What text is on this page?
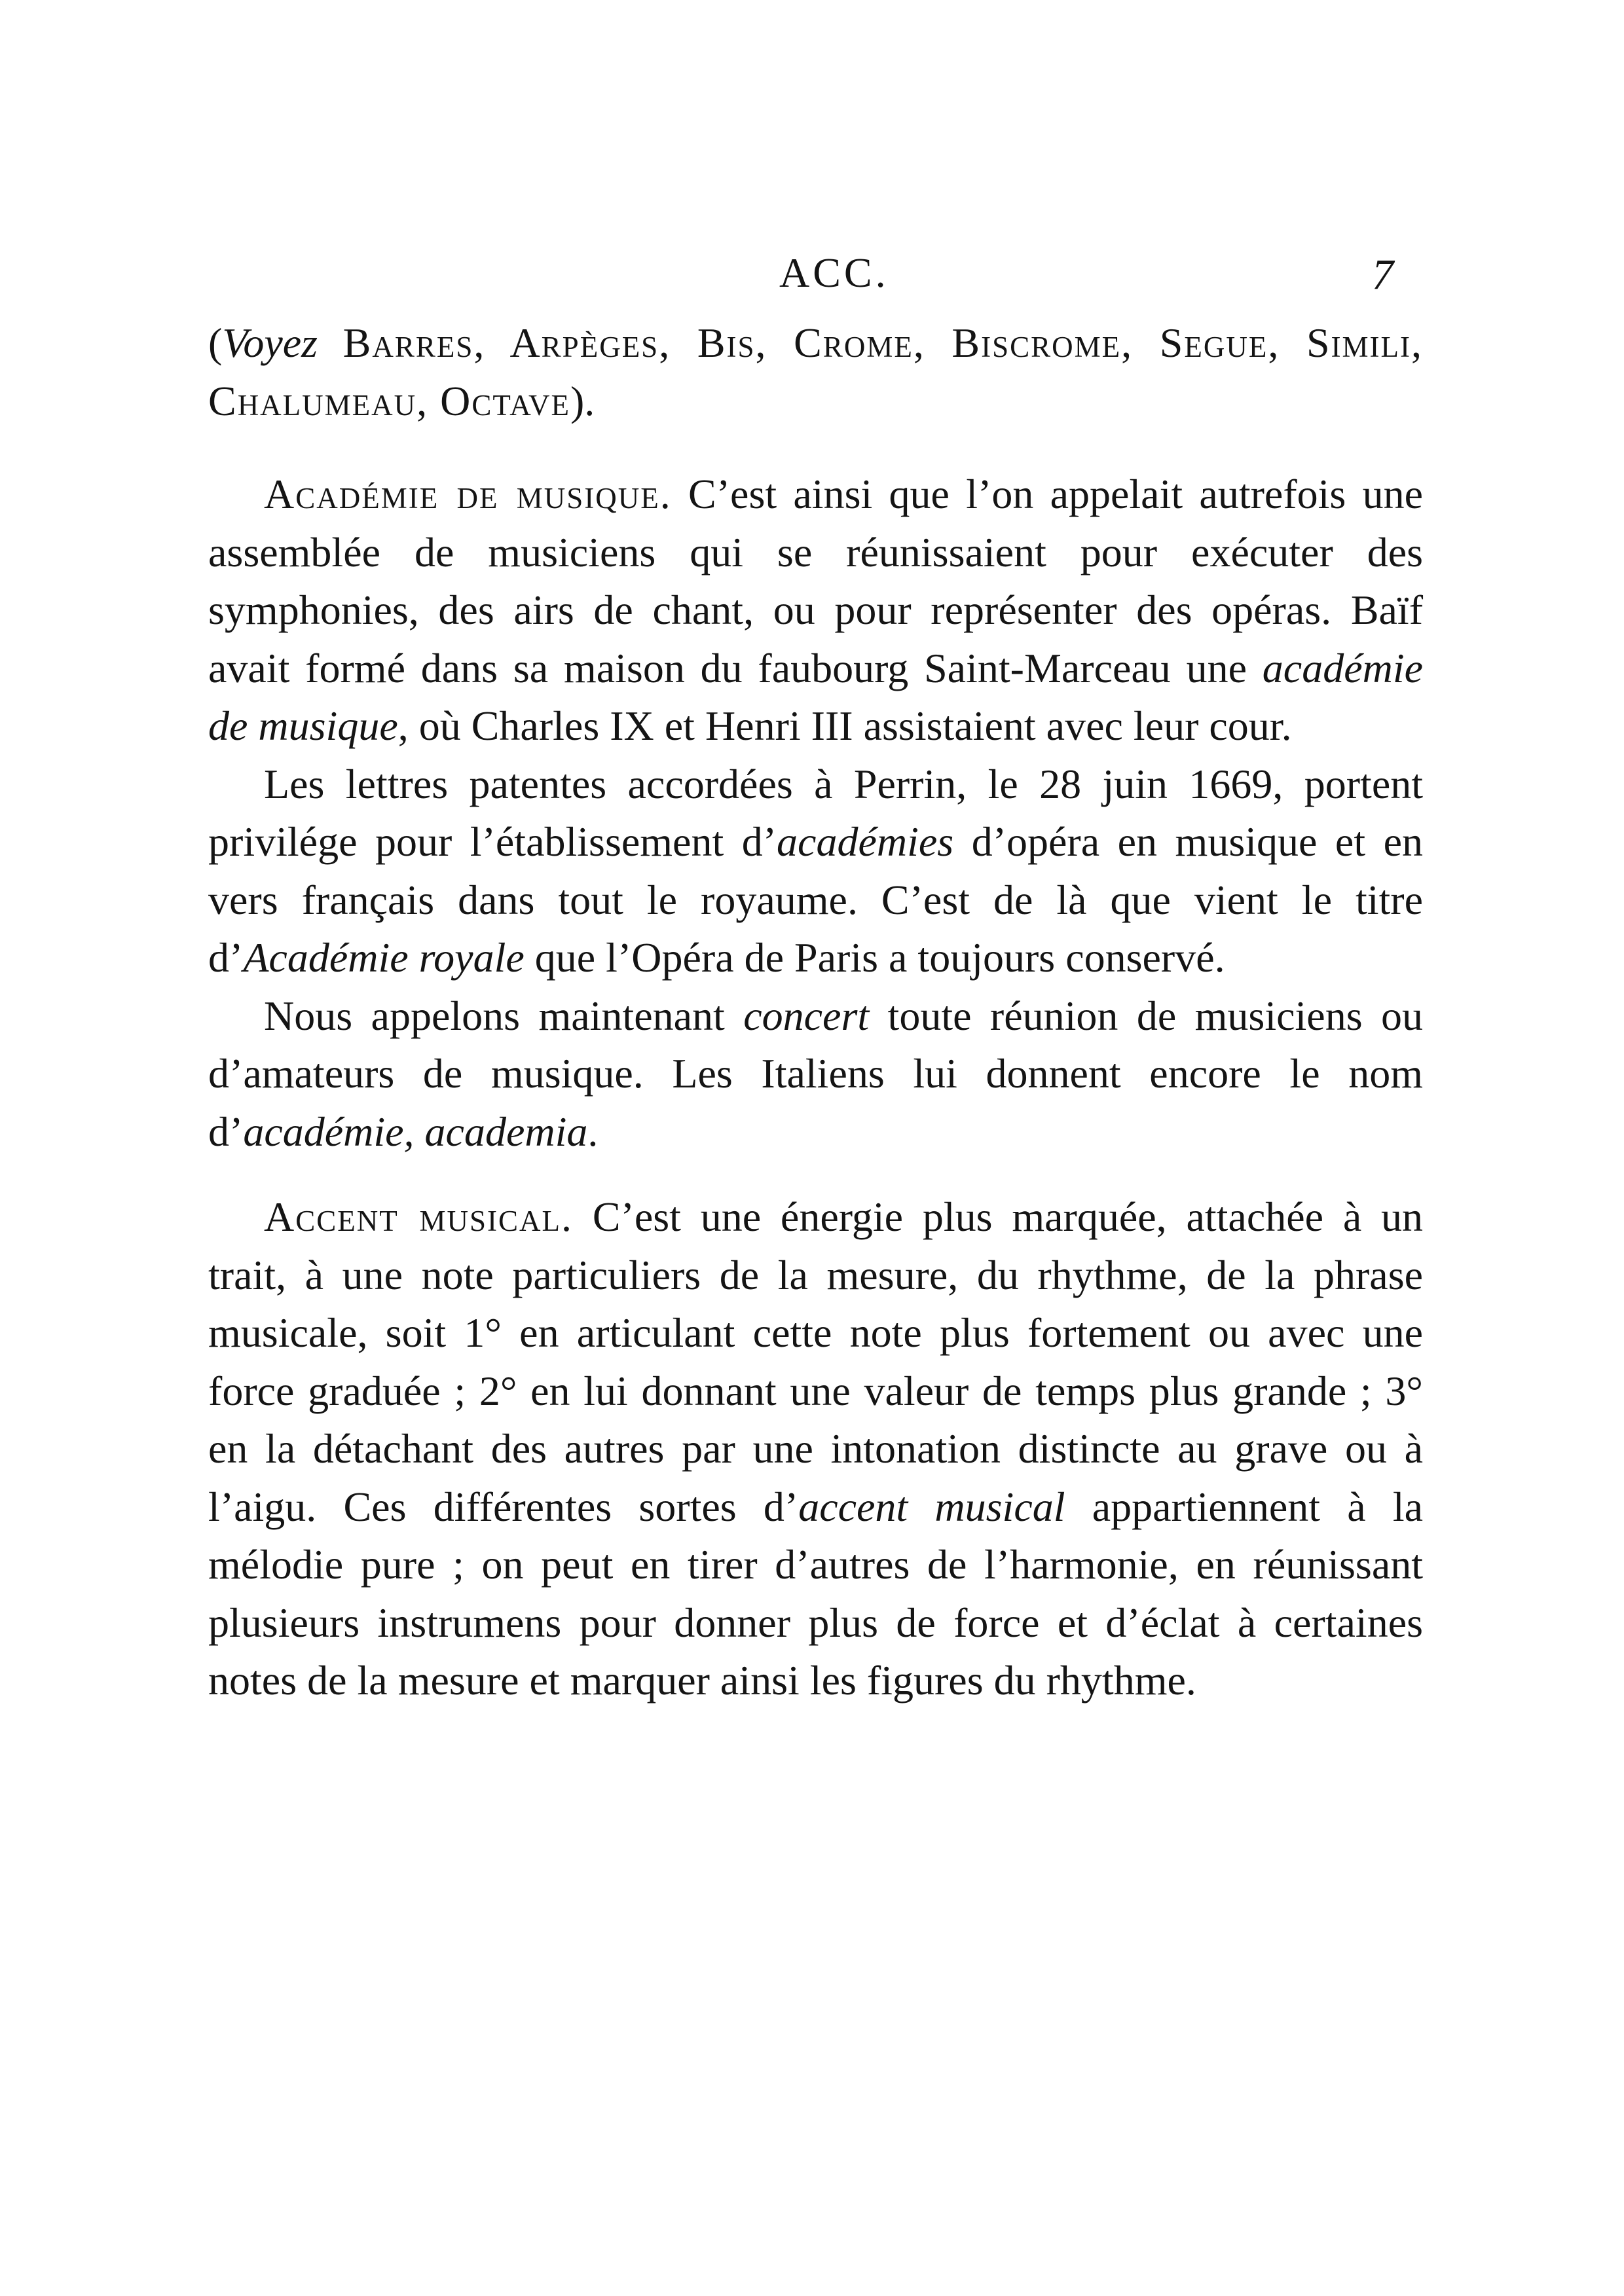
ACC.	7

(Voyez Barres, Arpèges, Bis, Crome, Biscrome, Segue, Simili, Chalumeau, Octave).

Académie de musique. C’est ainsi que l’on appelait autrefois une assemblée de musiciens qui se réunissaient pour exécuter des symphonies, des airs de chant, ou pour représenter des opéras. Baïf avait formé dans sa maison du faubourg Saint-Marceau une académie de musique, où Charles IX et Henri III assistaient avec leur cour.

Les lettres patentes accordées à Perrin, le 28 juin 1669, portent privilége pour l’établissement d’académies d’opéra en musique et en vers français dans tout le royaume. C’est de là que vient le titre d’Académie royale que l’Opéra de Paris a toujours conservé.

Nous appelons maintenant concert toute réunion de musiciens ou d’amateurs de musique. Les Italiens lui donnent encore le nom d’académie, academia.

Accent musical. C’est une énergie plus marquée, attachée à un trait, à une note particuliers de la mesure, du rhythme, de la phrase musicale, soit 1° en articulant cette note plus fortement ou avec une force graduée ; 2° en lui donnant une valeur de temps plus grande ; 3° en la détachant des autres par une intonation distincte au grave ou à l’aigu. Ces différentes sortes d’accent musical appartiennent à la mélodie pure ; on peut en tirer d’autres de l’harmonie, en réunissant plusieurs instrumens pour donner plus de force et d’éclat à certaines notes de la mesure et marquer ainsi les figures du rhythme.
